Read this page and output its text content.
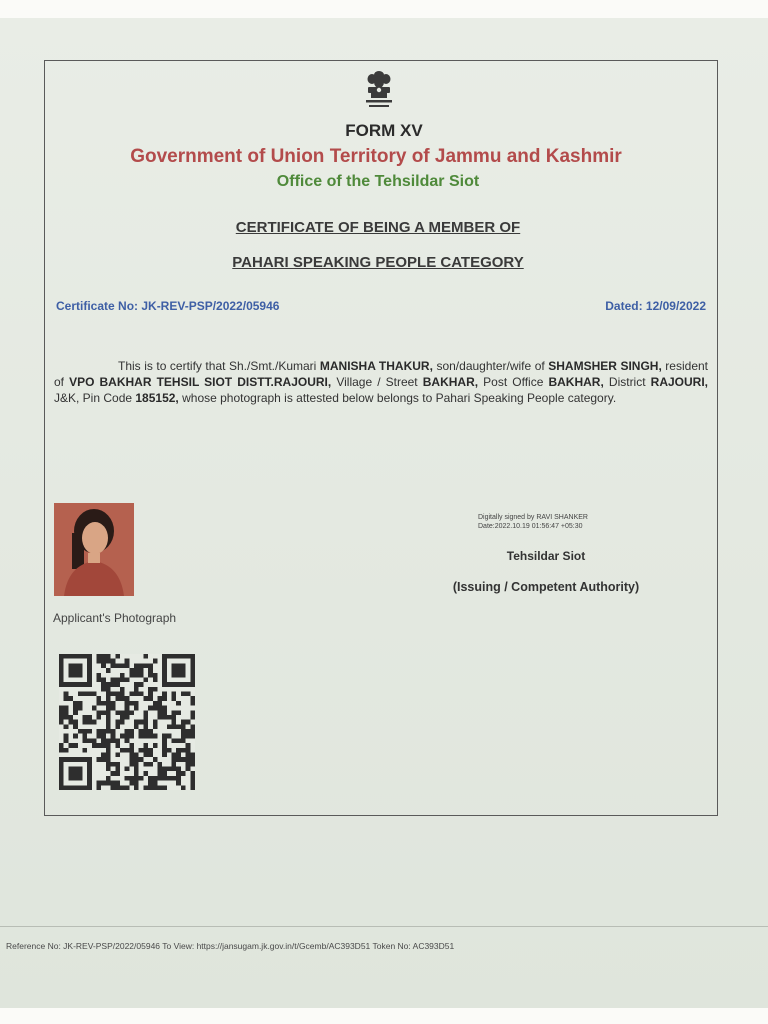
FORM XV
Government of Union Territory of Jammu and Kashmir
Office of the Tehsildar Siot
CERTIFICATE OF BEING A MEMBER OF
PAHARI SPEAKING PEOPLE CATEGORY
Certificate No: JK-REV-PSP/2022/05946	Dated: 12/09/2022
This is to certify that Sh./Smt./Kumari MANISHA THAKUR, son/daughter/wife of SHAMSHER SINGH, resident of VPO BAKHAR TEHSIL SIOT DISTT.RAJOURI, Village / Street BAKHAR, Post Office BAKHAR, District RAJOURI, J&K, Pin Code 185152, whose photograph is attested below belongs to Pahari Speaking People category.
Applicant's Photograph
Digitally signed by RAVI SHANKER
Date:2022.10.19 01:56:47 +05:30
Tehsildar Siot
(Issuing / Competent Authority)
Reference No: JK-REV-PSP/2022/05946 To View: https://jansugam.jk.gov.in/t/Gcemb/AC393D51 Token No: AC393D51
